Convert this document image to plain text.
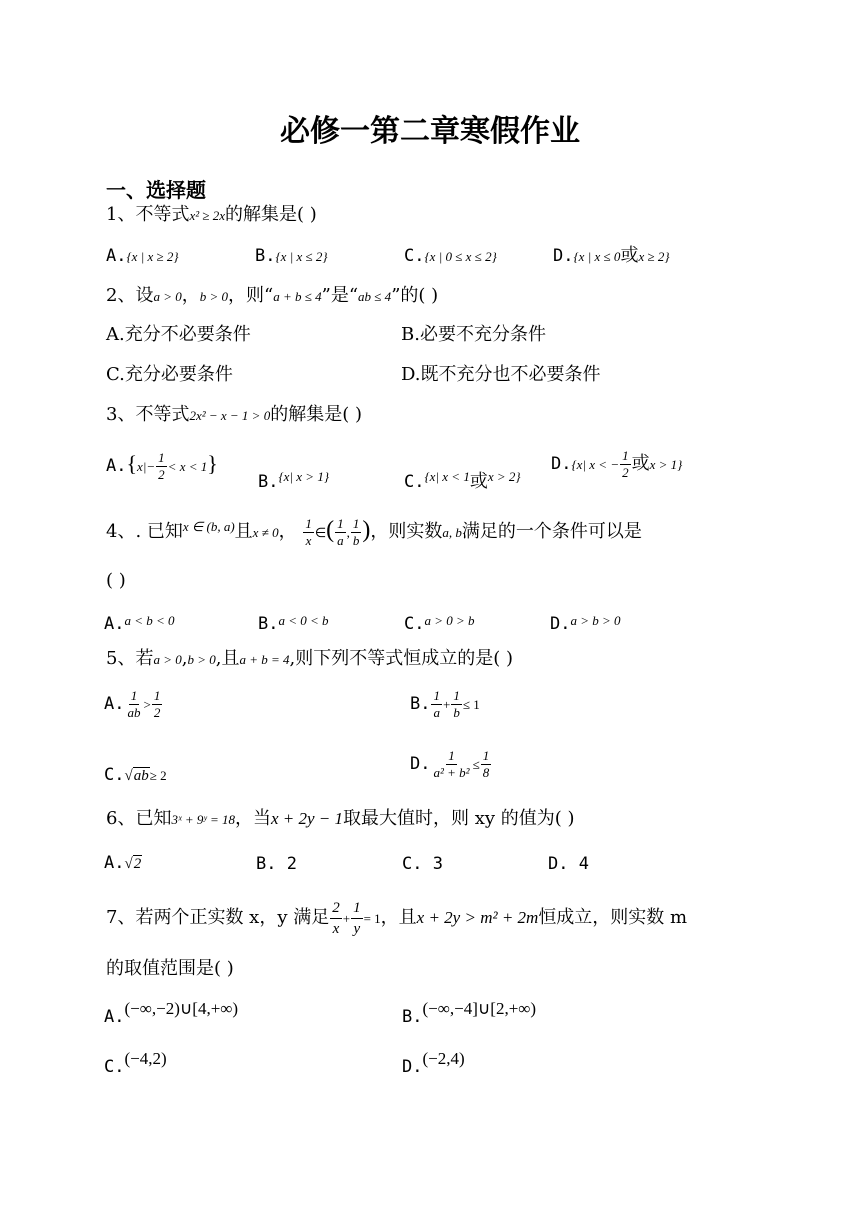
必修一第二章寒假作业
一、选择题
1、不等式x² ≥ 2x的解集是( )
A.{x | x ≥ 2}	B.{x | x ≤ 2}	C.{x | 0 ≤ x ≤ 2}	D.{x | x ≤ 0或x ≥ 2}
2、设a > 0，b > 0，则“a + b ≤ 4”是“ab ≤ 4”的( )
A.充分不必要条件	B.必要不充分条件
C.充分必要条件	D.既不充分也不必要条件
3、不等式2x² − x − 1 > 0的解集是( )
$A.\{x|- \frac{1}{2} < x < 1\}$
B.$^{\{x| x > 1\}}$	C.$^{\{x| x < 1}$或$^{x > 2\}}$
D.{x| x < − $\frac{1}{2}$ 或x > 1}
4、. 已知$^{x \in (b, a)}$且x ≠ 0， $\frac{1}{x}$ ∈( $\frac{1}{a}$ , $\frac{1}{b}$ )，则实数a, b满足的一个条件可以是
( )
A.$^{a < b < 0}$	B.$^{a < 0 < b}$	C.$^{a > 0 > b}$	D.$^{a > b > 0}$
5、若a > 0,b > 0,且a + b = 4,则下列不等式恒成立的是( )
A. $\frac{1}{ab} > \frac{1}{2}$	B. $\frac{1}{a} + \frac{1}{b} \le 1$
C.√ab≥ 2
D. $\frac{1}{\text{a² + b²}} \le \frac{1}{8}$
6、已知3ˣ + 9ʸ = 18，当x + 2y − 1取最大值时，则 xy 的值为( )
A.√2	B. 2	C. 3	D. 4
7、若两个正实数 x，y 满足 $\frac{2}{x} + \frac{1}{y} = 1$，且x + 2y > m² + 2m恒成立，则实数 m
的取值范围是( )
A.(−∞,−2)∪[4,+∞)	B.(−∞,−4]∪[2,+∞)
C.(−4,2)	D.(−2,4)
